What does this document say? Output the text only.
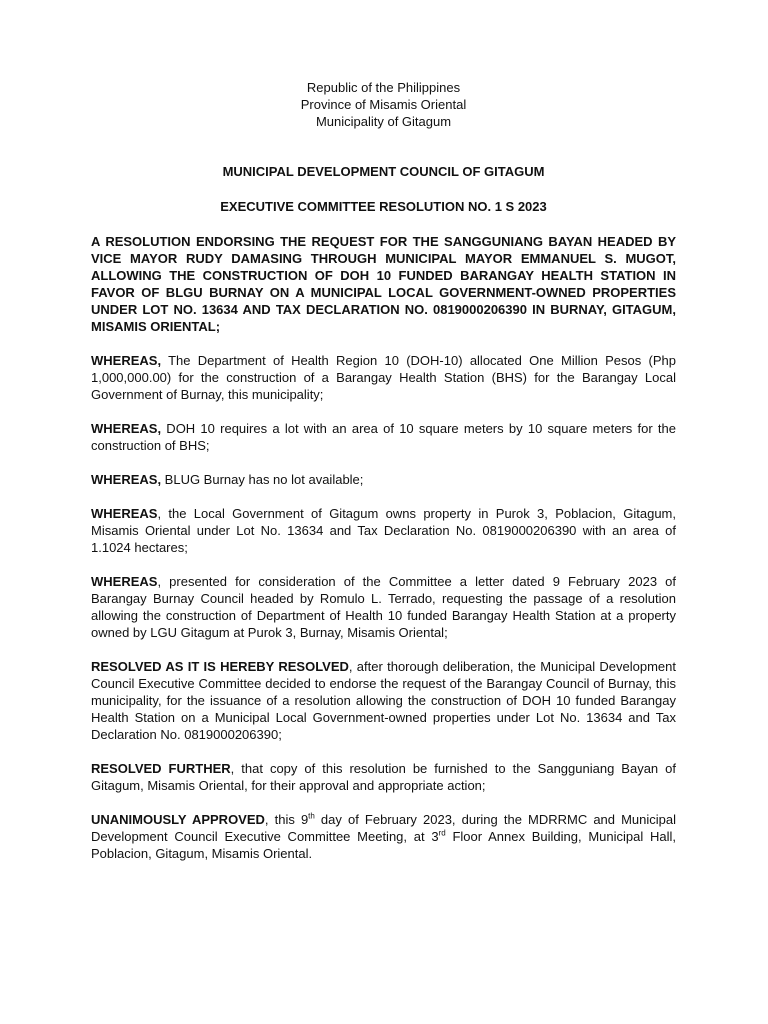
Republic of the Philippines

Province of Misamis Oriental

Municipality of Gitagum

MUNICIPAL DEVELOPMENT COUNCIL OF GITAGUM

EXECUTIVE COMMITTEE RESOLUTION NO. 1 S 2023

A RESOLUTION ENDORSING THE REQUEST FOR THE SANGGUNIANG BAYAN HEADED BY VICE MAYOR RUDY DAMASING THROUGH MUNICIPAL MAYOR EMMANUEL S. MUGOT, ALLOWING THE CONSTRUCTION OF DOH 10 FUNDED BARANGAY HEALTH STATION IN FAVOR OF BLGU BURNAY ON A MUNICIPAL LOCAL GOVERNMENT-OWNED PROPERTIES UNDER LOT NO. 13634 AND TAX DECLARATION NO. 0819000206390 IN BURNAY, GITAGUM, MISAMIS ORIENTAL;

WHEREAS, The Department of Health Region 10 (DOH-10) allocated One Million Pesos (Php 1,000,000.00) for the construction of a Barangay Health Station (BHS) for the Barangay Local Government of Burnay, this municipality;

WHEREAS, DOH 10 requires a lot with an area of 10 square meters by 10 square meters for the construction of BHS;

WHEREAS, BLUG Burnay has no lot available;

WHEREAS, the Local Government of Gitagum owns property in Purok 3, Poblacion, Gitagum, Misamis Oriental under Lot No. 13634 and Tax Declaration No. 0819000206390 with an area of 1.1024 hectares;

WHEREAS, presented for consideration of the Committee a letter dated 9 February 2023 of Barangay Burnay Council headed by Romulo L. Terrado, requesting the passage of a resolution allowing the construction of Department of Health 10 funded Barangay Health Station at a property owned by LGU Gitagum at Purok 3, Burnay, Misamis Oriental;

RESOLVED AS IT IS HEREBY RESOLVED, after thorough deliberation, the Municipal Development Council Executive Committee decided to endorse the request of the Barangay Council of Burnay, this municipality, for the issuance of a resolution allowing the construction of DOH 10 funded Barangay Health Station on a Municipal Local Government-owned properties under Lot No. 13634 and Tax Declaration No. 0819000206390;

RESOLVED FURTHER, that copy of this resolution be furnished to the Sangguniang Bayan of Gitagum, Misamis Oriental, for their approval and appropriate action;

UNANIMOUSLY APPROVED, this 9th day of February 2023, during the MDRRMC and Municipal Development Council Executive Committee Meeting, at 3rd Floor Annex Building, Municipal Hall, Poblacion, Gitagum, Misamis Oriental.
